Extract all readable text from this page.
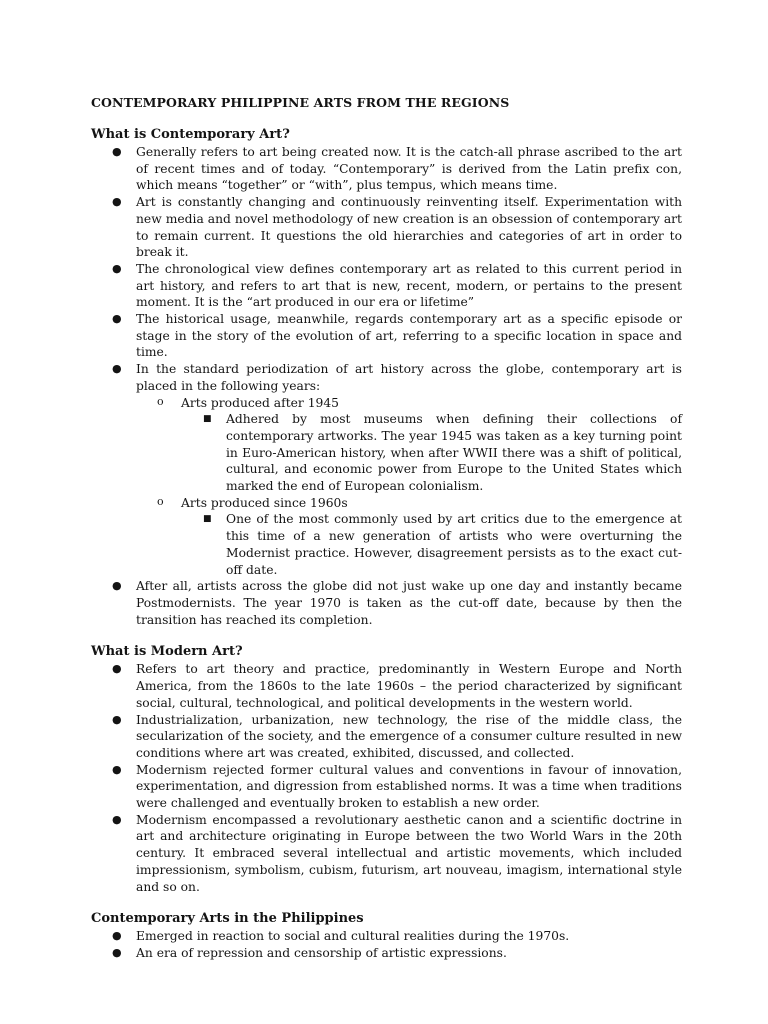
CONTEMPORARY PHILIPPINE ARTS FROM THE REGIONS
What is Contemporary Art?
● Generally refers to art being created now. It is the catch-all phrase ascribed to the art of recent times and of today. “Contemporary” is derived from the Latin prefix con, which means “together” or “with”, plus tempus, which means time.
● Art is constantly changing and continuously reinventing itself. Experimentation with new media and novel methodology of new creation is an obsession of contemporary art to remain current. It questions the old hierarchies and categories of art in order to break it.
● The chronological view defines contemporary art as related to this current period in art history, and refers to art that is new, recent, modern, or pertains to the present moment. It is the “art produced in our era or lifetime”
● The historical usage, meanwhile, regards contemporary art as a specific episode or stage in the story of the evolution of art, referring to a specific location in space and time.
● In the standard periodization of art history across the globe, contemporary art is placed in the following years:
o Arts produced after 1945
■ Adhered by most museums when defining their collections of contemporary artworks. The year 1945 was taken as a key turning point in Euro-American history, when after WWII there was a shift of political, cultural, and economic power from Europe to the United States which marked the end of European colonialism.
o Arts produced since 1960s
■ One of the most commonly used by art critics due to the emergence at this time of a new generation of artists who were overturning the Modernist practice. However, disagreement persists as to the exact cut-off date.
● After all, artists across the globe did not just wake up one day and instantly became Postmodernists. The year 1970 is taken as the cut-off date, because by then the transition has reached its completion.
What is Modern Art?
● Refers to art theory and practice, predominantly in Western Europe and North America, from the 1860s to the late 1960s – the period characterized by significant social, cultural, technological, and political developments in the western world.
● Industrialization, urbanization, new technology, the rise of the middle class, the secularization of the society, and the emergence of a consumer culture resulted in new conditions where art was created, exhibited, discussed, and collected.
● Modernism rejected former cultural values and conventions in favour of innovation, experimentation, and digression from established norms. It was a time when traditions were challenged and eventually broken to establish a new order.
● Modernism encompassed a revolutionary aesthetic canon and a scientific doctrine in art and architecture originating in Europe between the two World Wars in the 20th century. It embraced several intellectual and artistic movements, which included impressionism, symbolism, cubism, futurism, art nouveau, imagism, international style and so on.
Contemporary Arts in the Philippines
● Emerged in reaction to social and cultural realities during the 1970s.
● An era of repression and censorship of artistic expressions.
